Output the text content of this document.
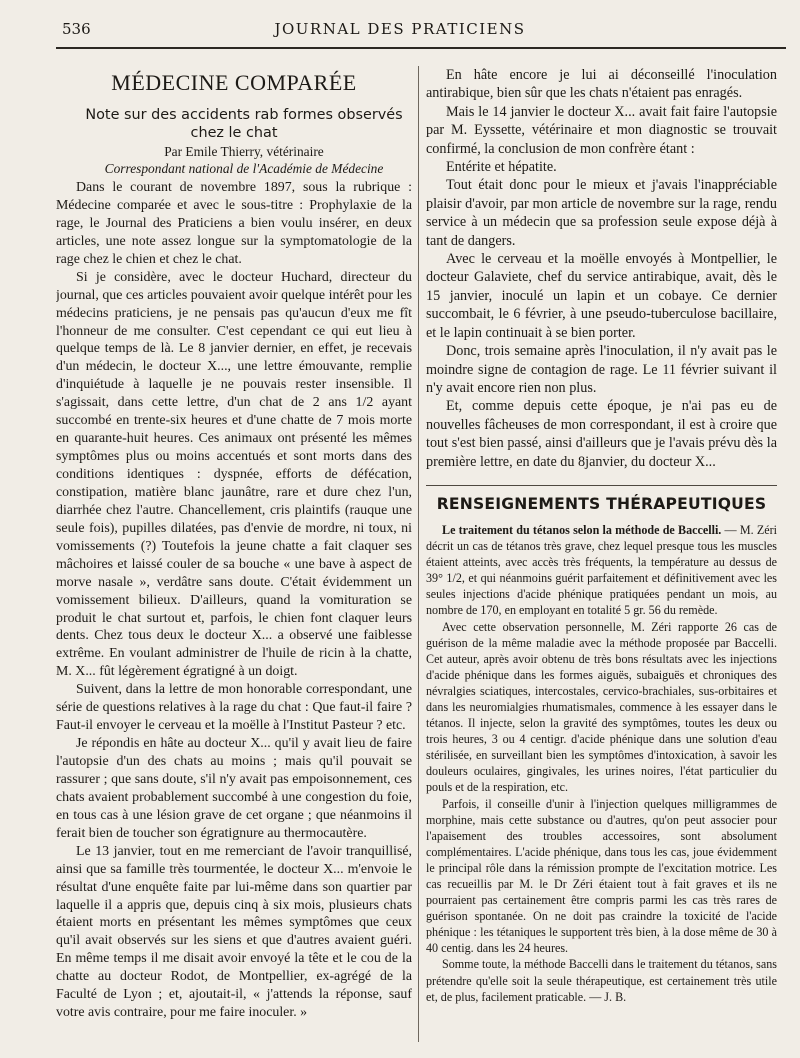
536	JOURNAL DES PRATICIENS
MÉDECINE COMPARÉE

Note sur des accidents rab formes observés chez le chat

Par Emile Thierry, vétérinaire

Correspondant national de l'Académie de Médecine

Dans le courant de novembre 1897, sous la rubrique : Médecine comparée et avec le sous-titre : Prophylaxie de la rage, le Journal des Praticiens a bien voulu insérer, en deux articles, une note assez longue sur la symptomatologie de la rage chez le chien et chez le chat.

Si je considère, avec le docteur Huchard, directeur du journal, que ces articles pouvaient avoir quelque intérêt pour les médecins praticiens, je ne pensais pas qu'aucun d'eux me fît l'honneur de me consulter. C'est cependant ce qui eut lieu à quelque temps de là. Le 8 janvier dernier, en effet, je recevais d'un médecin, le docteur X..., une lettre émouvante, remplie d'inquiétude à laquelle je ne pouvais rester insensible. Il s'agissait, dans cette lettre, d'un chat de 2 ans 1/2 ayant succombé en trente-six heures et d'une chatte de 7 mois morte en quarante-huit heures. Ces animaux ont présenté les mêmes symptômes plus ou moins accentués et sont morts dans des conditions identiques : dyspnée, efforts de défécation, constipation, matière blanc jaunâtre, rare et dure chez l'un, diarrhée chez l'autre. Chancellement, cris plaintifs (rauque une seule fois), pupilles dilatées, pas d'envie de mordre, ni toux, ni vomissements (?) Toutefois la jeune chatte a fait claquer ses mâchoires et laissé couler de sa bouche « une bave à aspect de morve nasale », verdâtre sans doute. C'était évidemment un vomissement bilieux. D'ailleurs, quand la vomituration se produit le chat surtout et, parfois, le chien font claquer leurs dents. Chez tous deux le docteur X... a observé une faiblesse extrême. En voulant administrer de l'huile de ricin à la chatte, M. X... fût légèrement égratigné à un doigt.

Suivent, dans la lettre de mon honorable correspondant, une série de questions relatives à la rage du chat : Que faut-il faire ? Faut-il envoyer le cerveau et la moëlle à l'Institut Pasteur ? etc.

Je répondis en hâte au docteur X... qu'il y avait lieu de faire l'autopsie d'un des chats au moins ; mais qu'il pouvait se rassurer ; que sans doute, s'il n'y avait pas empoisonnement, ces chats avaient probablement succombé à une congestion du foie, en tous cas à une lésion grave de cet organe ; que néanmoins il ferait bien de toucher son égratignure au thermocautère.

Le 13 janvier, tout en me remerciant de l'avoir tranquillisé, ainsi que sa famille très tourmentée, le docteur X... m'envoie le résultat d'une enquête faite par lui-même dans son quartier par laquelle il a appris que, depuis cinq à six mois, plusieurs chats étaient morts en présentant les mêmes symptômes que ceux qu'il avait observés sur les siens et que d'autres avaient guéri. En même temps il me disait avoir envoyé la tête et le cou de la chatte au docteur Rodot, de Montpellier, ex-agrégé de la Faculté de Lyon ; et, ajoutait-il, « j'attends la réponse, sauf votre avis contraire, pour me faire inoculer. »

En hâte encore je lui ai déconseillé l'inoculation antirabique, bien sûr que les chats n'étaient pas enragés.

Mais le 14 janvier le docteur X... avait fait faire l'autopsie par M. Eyssette, vétérinaire et mon diagnostic se trouvait confirmé, la conclusion de mon confrère étant :

Entérite et hépatite.

Tout était donc pour le mieux et j'avais l'inappréciable plaisir d'avoir, par mon article de novembre sur la rage, rendu service à un médecin que sa profession seule expose déjà à tant de dangers.

Avec le cerveau et la moëlle envoyés à Montpellier, le docteur Galaviete, chef du service antirabique, avait, dès le 15 janvier, inoculé un lapin et un cobaye. Ce dernier succombait, le 6 février, à une pseudo-tuberculose bacillaire, et le lapin continuait à se bien porter.

Donc, trois semaine après l'inoculation, il n'y avait pas le moindre signe de contagion de rage. Le 11 février suivant il n'y avait encore rien non plus.

Et, comme depuis cette époque, je n'ai pas eu de nouvelles fâcheuses de mon correspondant, il est à croire que tout s'est bien passé, ainsi d'ailleurs que je l'avais prévu dès la première lettre, en date du 8janvier, du docteur X...

RENSEIGNEMENTS THÉRAPEUTIQUES

Le traitement du tétanos selon la méthode de Baccelli. — M. Zéri décrit un cas de tétanos très grave, chez lequel presque tous les muscles étaient atteints, avec accès très fréquents, la température au dessus de 39° 1/2, et qui néanmoins guérit parfaitement et définitivement avec les seules injections d'acide phénique pratiquées pendant un mois, au nombre de 170, en employant en totalité 5 gr. 56 du remède.

Avec cette observation personnelle, M. Zéri rapporte 26 cas de guérison de la même maladie avec la méthode proposée par Baccelli. Cet auteur, après avoir obtenu de très bons résultats avec les injections d'acide phénique dans les formes aiguës, subaiguës et chroniques des névralgies sciatiques, intercostales, cervico-brachiales, sus-orbitaires et dans les neuromialgies rhumatismales, commence à les essayer dans le tétanos. Il injecte, selon la gravité des symptômes, toutes les deux ou trois heures, 3 ou 4 centigr. d'acide phénique dans une solution d'eau stérilisée, en surveillant bien les symptômes d'intoxication, à savoir les douleurs oculaires, gingivales, les urines noires, l'état particulier du pouls et de la respiration, etc.

Parfois, il conseille d'unir à l'injection quelques milligrammes de morphine, mais cette substance ou d'autres, qu'on peut associer pour l'apaisement des troubles accessoires, sont absolument complémentaires. L'acide phénique, dans tous les cas, joue évidemment le principal rôle dans la rémission prompte de l'excitation motrice. Les cas recueillis par M. le Dr Zéri étaient tout à fait graves et ils ne pourraient pas certainement être compris parmi les cas très rares de guérison spontanée. On ne doit pas craindre la toxicité de l'acide phénique : les tétaniques le supportent très bien, à la dose même de 30 à 40 centig. dans les 24 heures.

Somme toute, la méthode Baccelli dans le traitement du tétanos, sans prétendre qu'elle soit la seule thérapeutique, est certainement très utile et, de plus, facilement praticable. — J. B.
